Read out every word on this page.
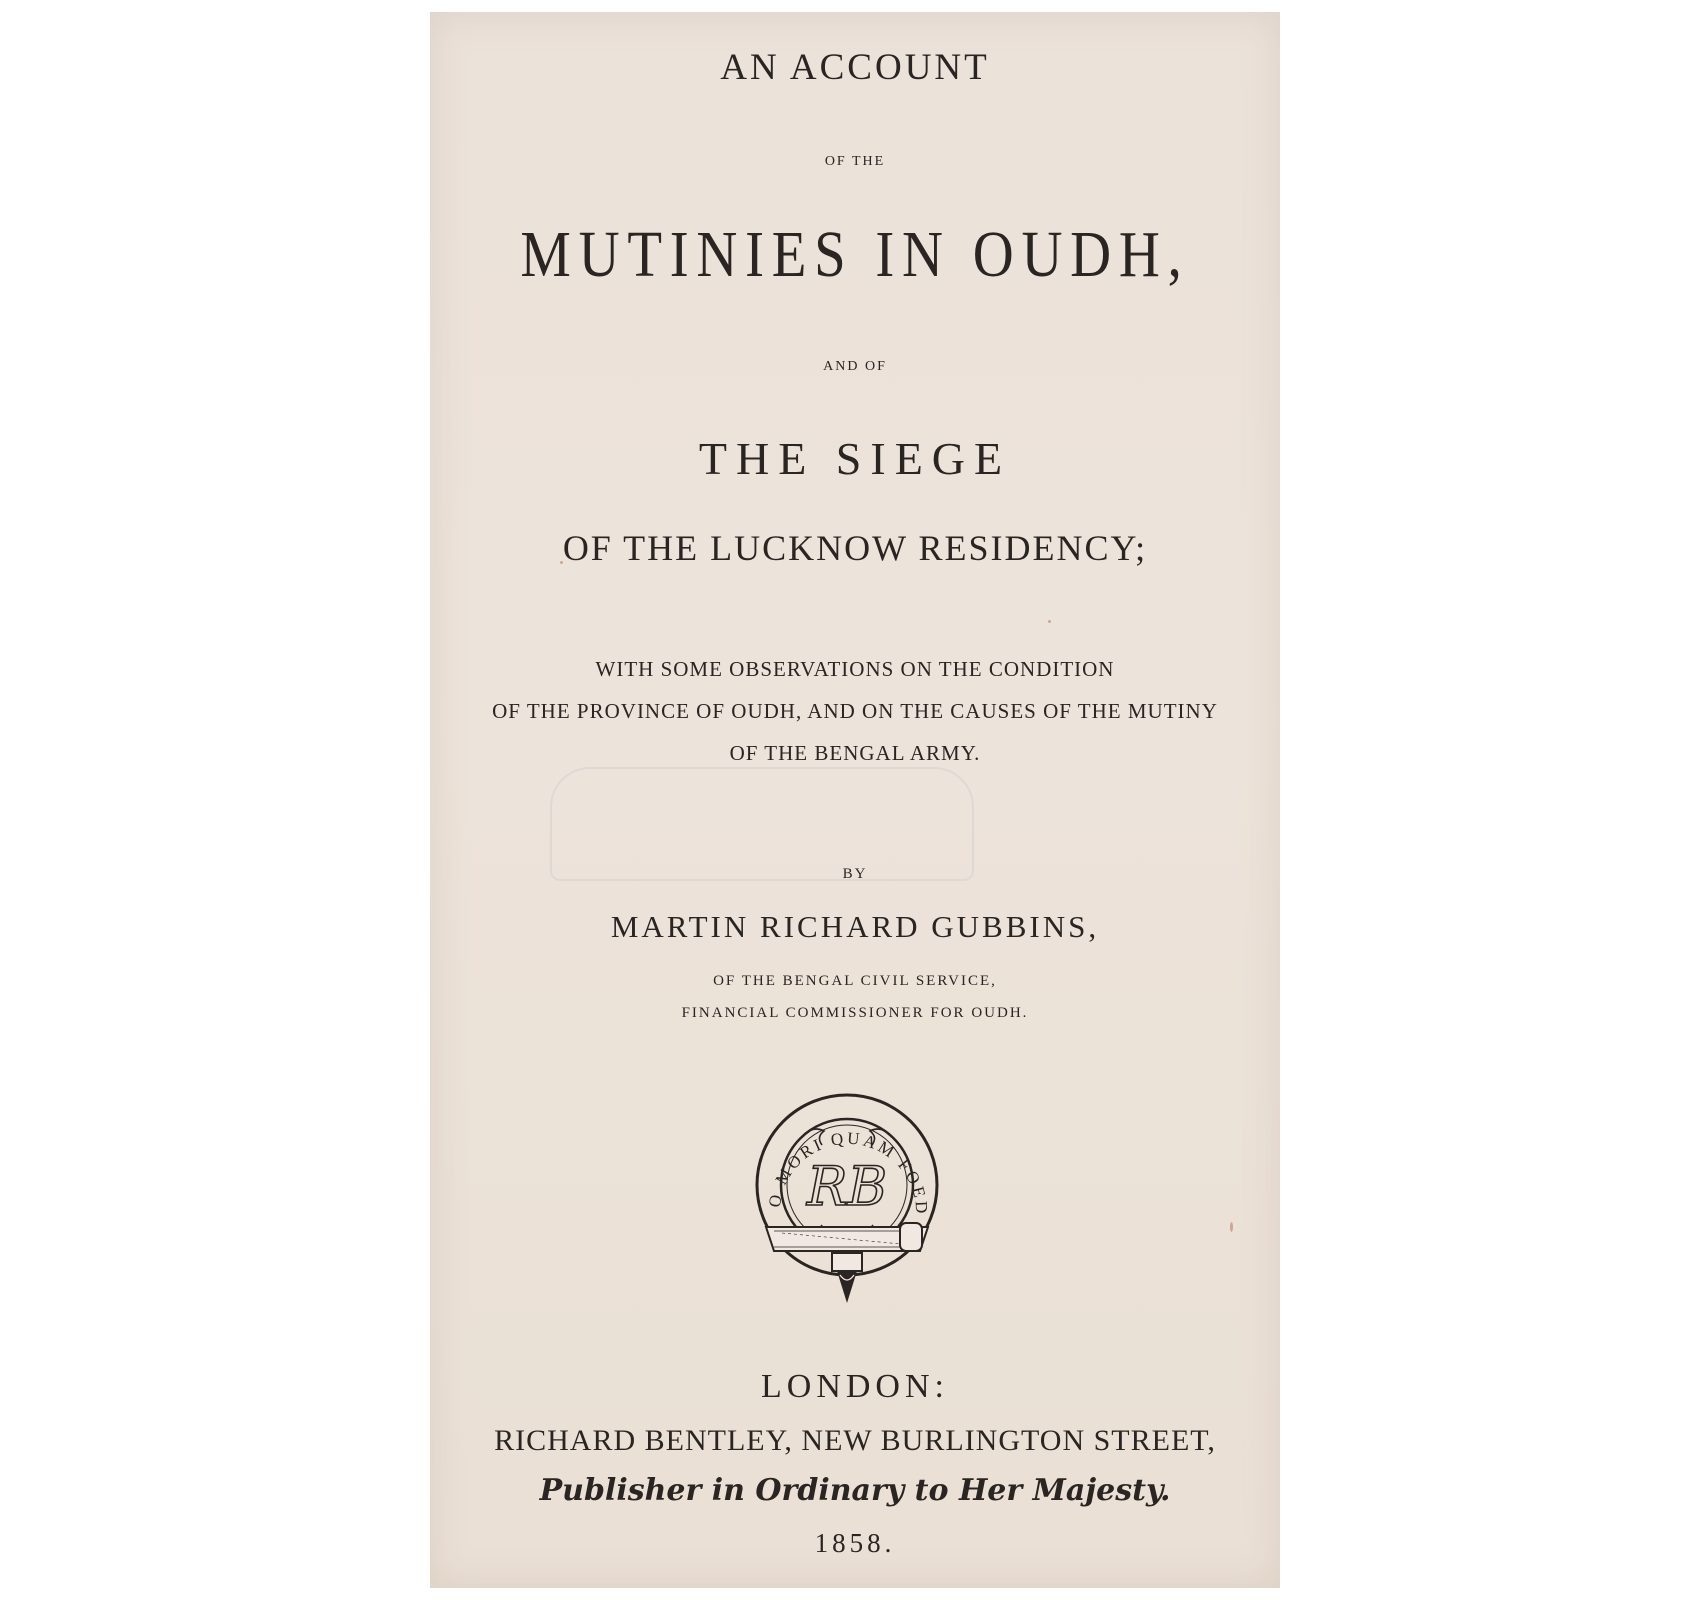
AN ACCOUNT
OF THE
MUTINIES IN OUDH,
AND OF
THE SIEGE
OF THE LUCKNOW RESIDENCY;
WITH SOME OBSERVATIONS ON THE CONDITION
OF THE PROVINCE OF OUDH, AND ON THE CAUSES OF THE MUTINY
OF THE BENGAL ARMY.
BY
MARTIN RICHARD GUBBINS,
OF THE BENGAL CIVIL SERVICE,
FINANCIAL COMMISSIONER FOR OUDH.
O MORI QUAM FOED
RB
LONDON:
RICHARD BENTLEY, NEW BURLINGTON STREET,
Publisher in Ordinary to Her Majesty.
1858.
